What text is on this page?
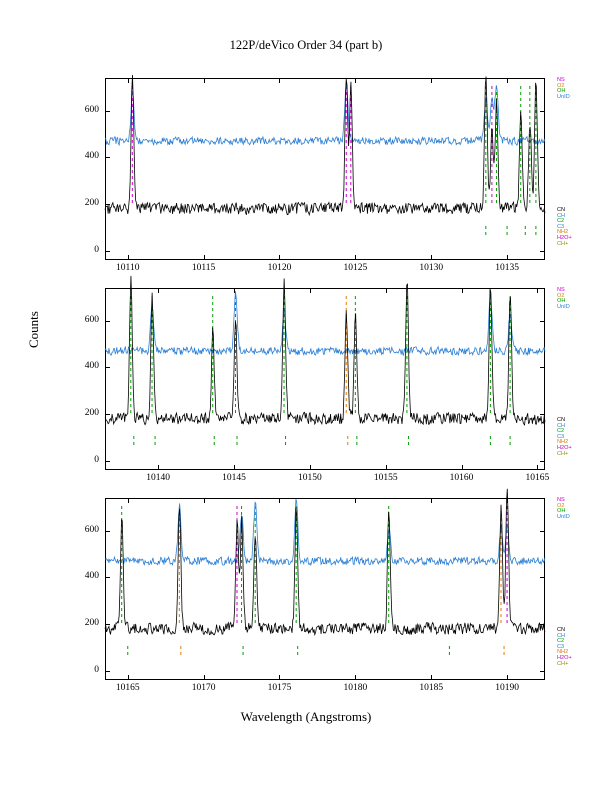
122P/deVico Order 34 (part b)
Counts
Wavelength (Angstroms)
10110	10115	10120	10125	10130	10135
0
200
400
600
10140	10145	10150	10155	10160	10165
0
200
400
600
10165	10170	10175	10180	10185	10190
0
200
400
600
NS
O2
OH
UnID
CN
CH
C2
C3
NH2
H2O+
CH+
NS
O2
OH
UnID
CN
CH
C2
C3
NH2
H2O+
CH+
NS
O2
OH
UnID
CN
CH
C2
C3
NH2
H2O+
CH+
